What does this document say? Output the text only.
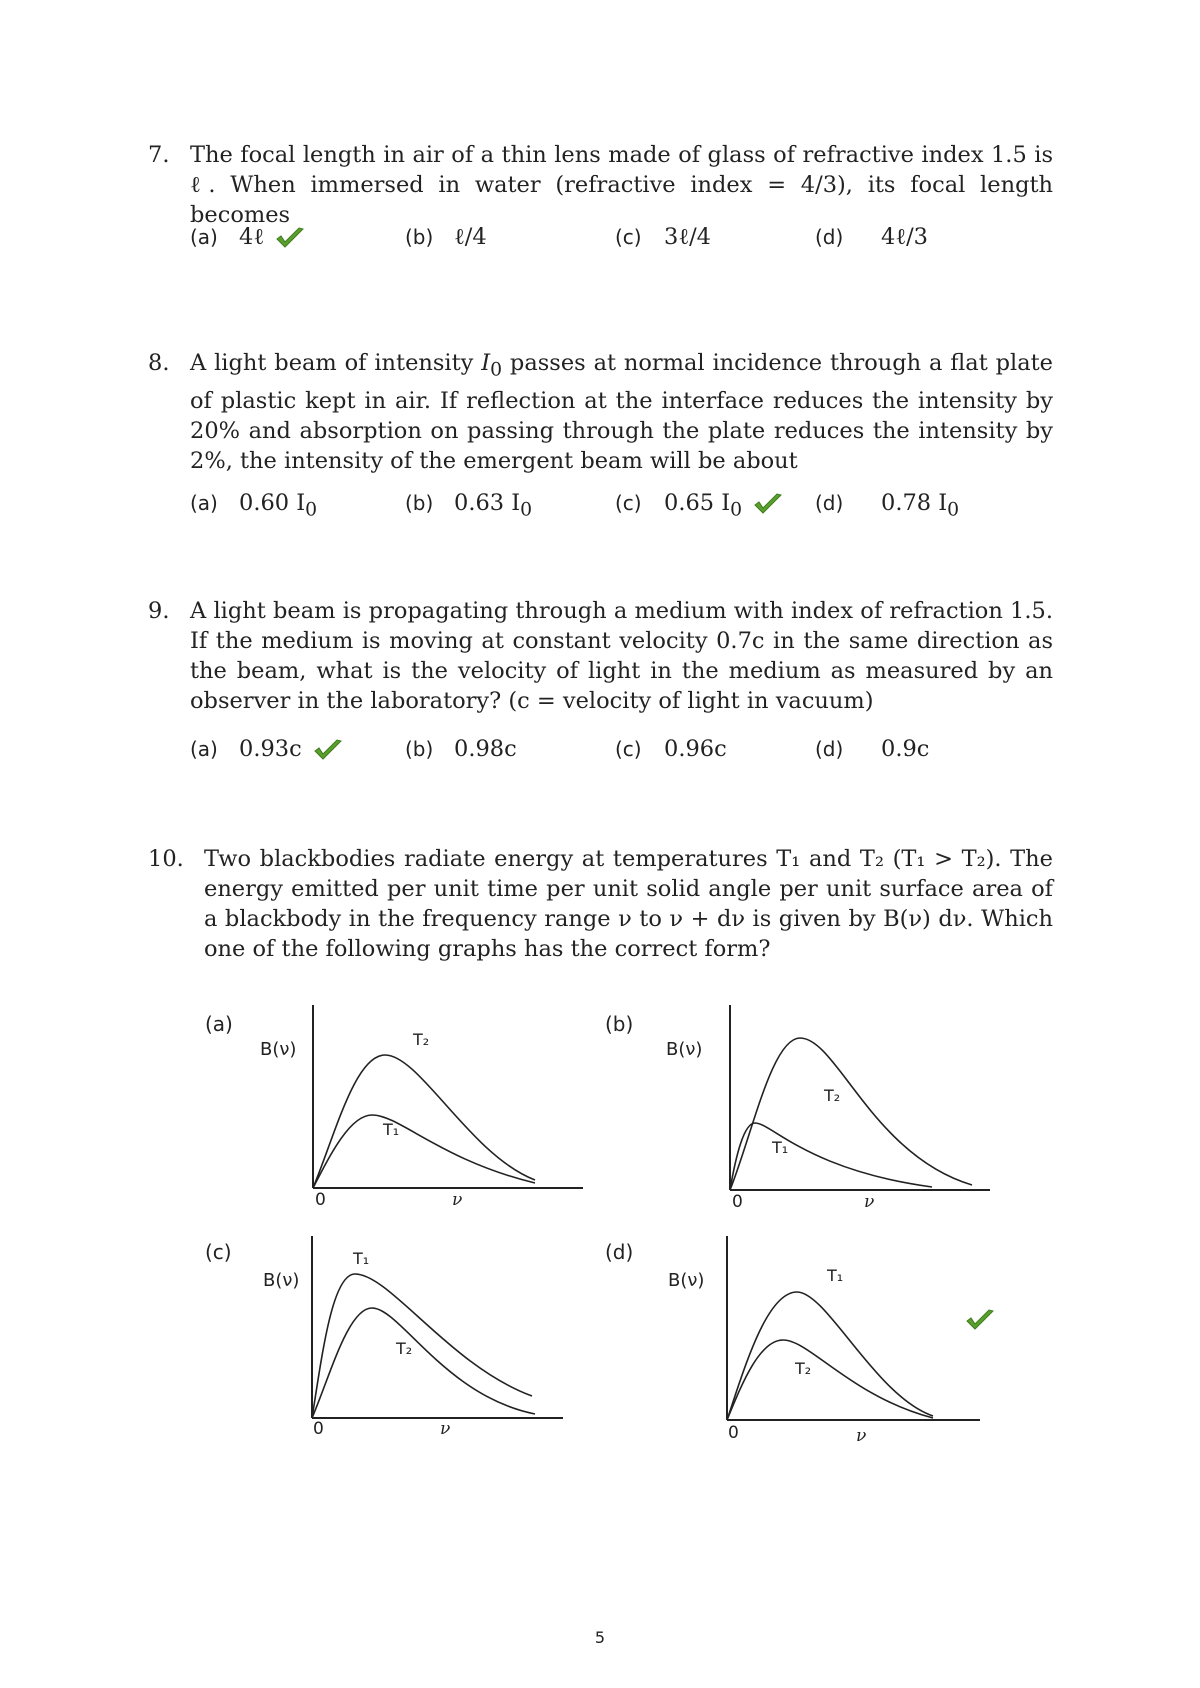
7. The focal length in air of a thin lens made of glass of refractive index 1.5 is ℓ. When immersed in water (refractive index = 4/3), its focal length becomes
(a) 4ℓ	(b) ℓ/4	(c) 3ℓ/4	(d) 4ℓ/3
8. A light beam of intensity $I_0$ passes at normal incidence through a flat plate of plastic kept in air. If reflection at the interface reduces the intensity by 20% and absorption on passing through the plate reduces the intensity by 2%, the intensity of the emergent beam will be about
(a) 0.60 $I_0$	(b) 0.63 $I_0$	(c) 0.65 $I_0$	(d) 0.78 $I_0$
9. A light beam is propagating through a medium with index of refraction 1.5. If the medium is moving at constant velocity 0.7c in the same direction as the beam, what is the velocity of light in the medium as measured by an observer in the laboratory? (c = velocity of light in vacuum)
(a) 0.93c	(b) 0.98c	(c) 0.96c	(d) 0.9c
10. Two blackbodies radiate energy at temperatures T₁ and T₂ (T₁ > T₂). The energy emitted per unit time per unit solid angle per unit surface area of a blackbody in the frequency range ν to ν + dν is given by B(ν) dν. Which one of the following graphs has the correct form?
(a)
B(ν)	T₂
T₁
0	ν
(b)
B(ν)
T₂
T₁
0	ν
(c)
B(ν)
T₁
T₂
0	ν
(d)
B(ν)	T₁
T₂
0	ν
5
